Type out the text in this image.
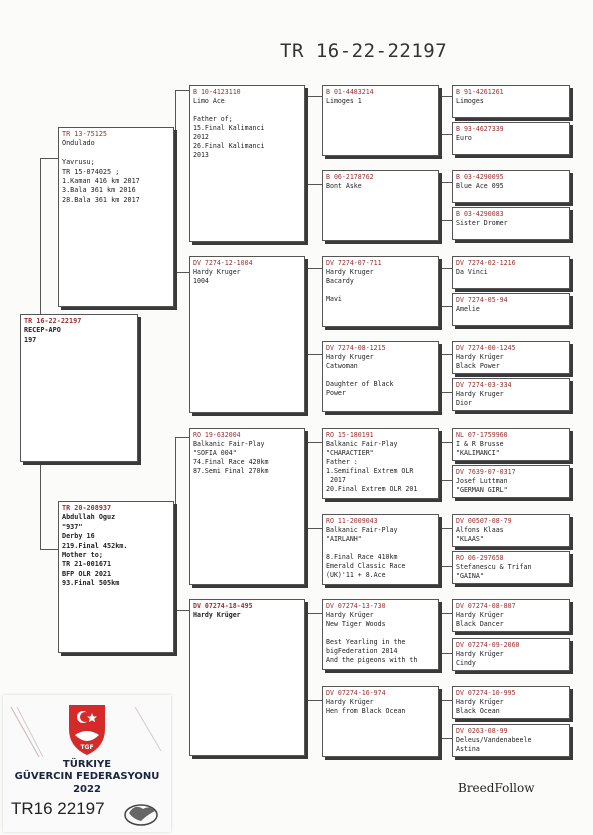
TR 16-22-22197
TR 16-22-22197
RECEP-APO
197
TR 13-75125
Ondulado

Yavrusu;
TR 15-074025 ;
1.Kaman 416 km 2017
3.Bala 361 km 2016
28.Bala 361 km 2017
TR 20-208937
Abdullah Oguz
"937"
Derby 16
219.Final 452km.
Mother to;
TR 21-001671
BFP OLR 2021
93.Final 505km
B 10-4123110
Limo Ace

Father of;
15.Final Kalimanci
2012
26.Final Kalimanci
2013
DV 7274-12-1004
Hardy Kruger
1004
RO 19-632004
Balkanic Fair-Play
"SOFIA 004"
74.Final Race 420km
87.Semi Final 270km
DV 07274-18-495
Hardy Krüger
B 01-4483214
Limoges 1
B 06-2178762
Bont Aske
DV 7274-07-711
Hardy Kruger
Bacardy

Mavi
DV 7274-08-1215
Hardy Kruger
Catwoman

Daughter of Black
Power
RO 15-180191
Balkanic Fair-Play
"CHARACTIER"
Father :
1.Semifinal Extrem OLR
2017
20.Final Extrem OLR 201
RO 11-2009043
Balkanic Fair-Play
"AIRLANH"

8.Final Race 410km
Emerald Classic Race
(UK)'11 + 8.Ace
DV 07274-13-730
Hardy Krüger
New Tiger Woods

Best Yearling in the
bigFederation 2014
And the pigeons with th
DV 07274-16-974
Hardy Krüger
Hen from Black Ocean
B 91-4261261
Limoges
B 93-4627339
Euro
B 03-4290095
Blue Ace 095
B 03-4290083
Sister Dromer
DV 7274-02-1216
Da Vinci
DV 7274-05-94
Amelie
DV 7274-00-1245
Hardy Krüger
Black Power
DV 7274-03-334
Hardy Kruger
Dior
NL 07-1759960
I & R Brusse
"KALIMANCI"
DV 7639-07-0317
Josef Luttman
"GERMAN GIRL"
DV 00507-08-79
Alfons Klaas
"KLAAS"
RO 06-297658
Stefanescu & Trifan
"GAINA"
DV 07274-08-807
Hardy Krüger
Black Dancer
DV 07274-09-2060
Hardy Krüger
Cindy
DV 07274-10-995
Hardy Krüger
Black Ocean
DV 0263-08-99
Deleus/Vandenabeele
Astina
BreedFollow
TGF
TÜRKIYE
GÜVERCIN FEDERASYONU
2022
TR16 22197
